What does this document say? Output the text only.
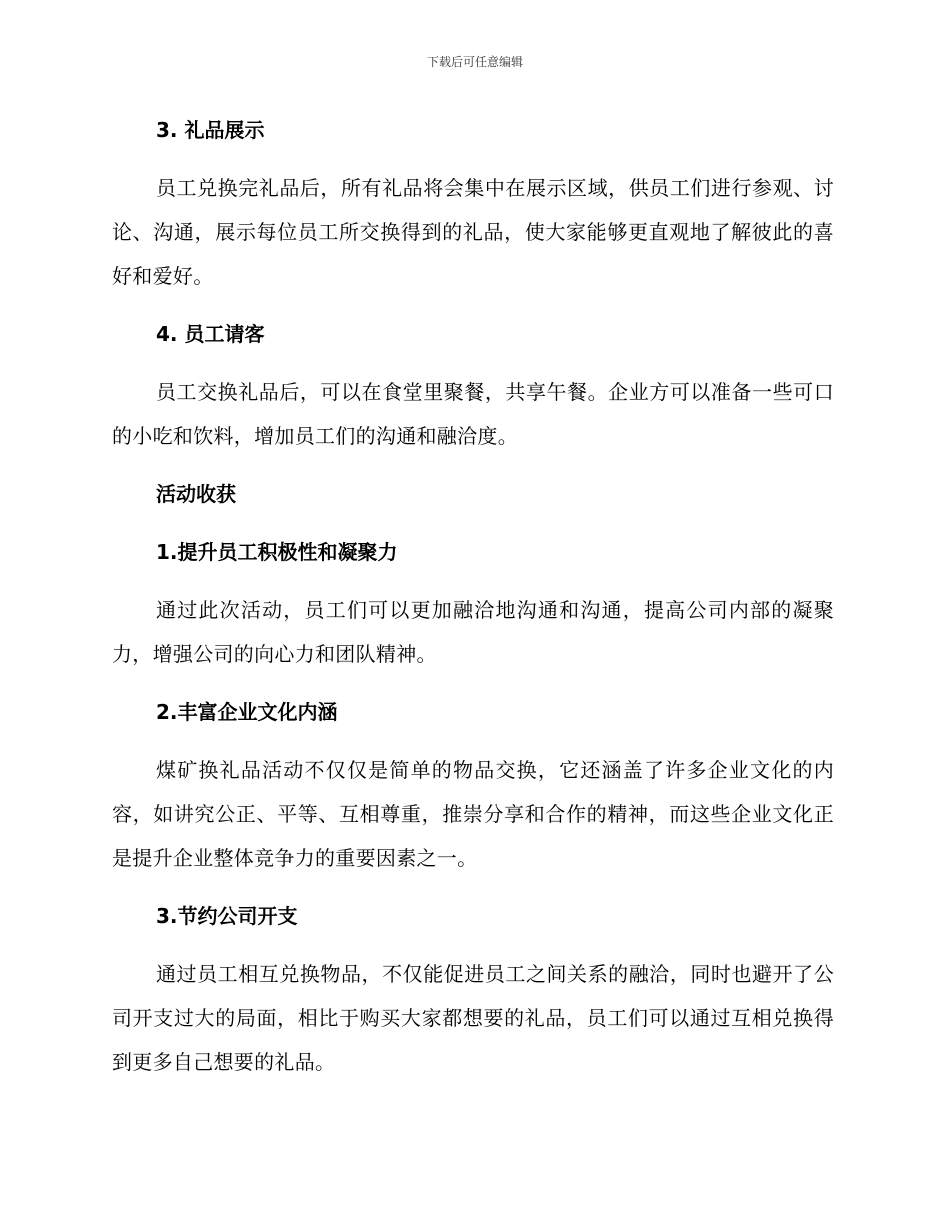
下载后可任意编辑
3. 礼品展示

员工兑换完礼品后，所有礼品将会集中在展示区域，供员工们进行参观、讨论、沟通，展示每位员工所交换得到的礼品，使大家能够更直观地了解彼此的喜好和爱好。

4. 员工请客

员工交换礼品后，可以在食堂里聚餐，共享午餐。企业方可以准备一些可口的小吃和饮料，增加员工们的沟通和融洽度。

活动收获
1.提升员工积极性和凝聚力

通过此次活动，员工们可以更加融洽地沟通和沟通，提高公司内部的凝聚力，增强公司的向心力和团队精神。

2.丰富企业文化内涵

煤矿换礼品活动不仅仅是简单的物品交换，它还涵盖了许多企业文化的内容，如讲究公正、平等、互相尊重，推崇分享和合作的精神，而这些企业文化正是提升企业整体竞争力的重要因素之一。

3.节约公司开支

通过员工相互兑换物品，不仅能促进员工之间关系的融洽，同时也避开了公司开支过大的局面，相比于购买大家都想要的礼品，员工们可以通过互相兑换得到更多自己想要的礼品。
